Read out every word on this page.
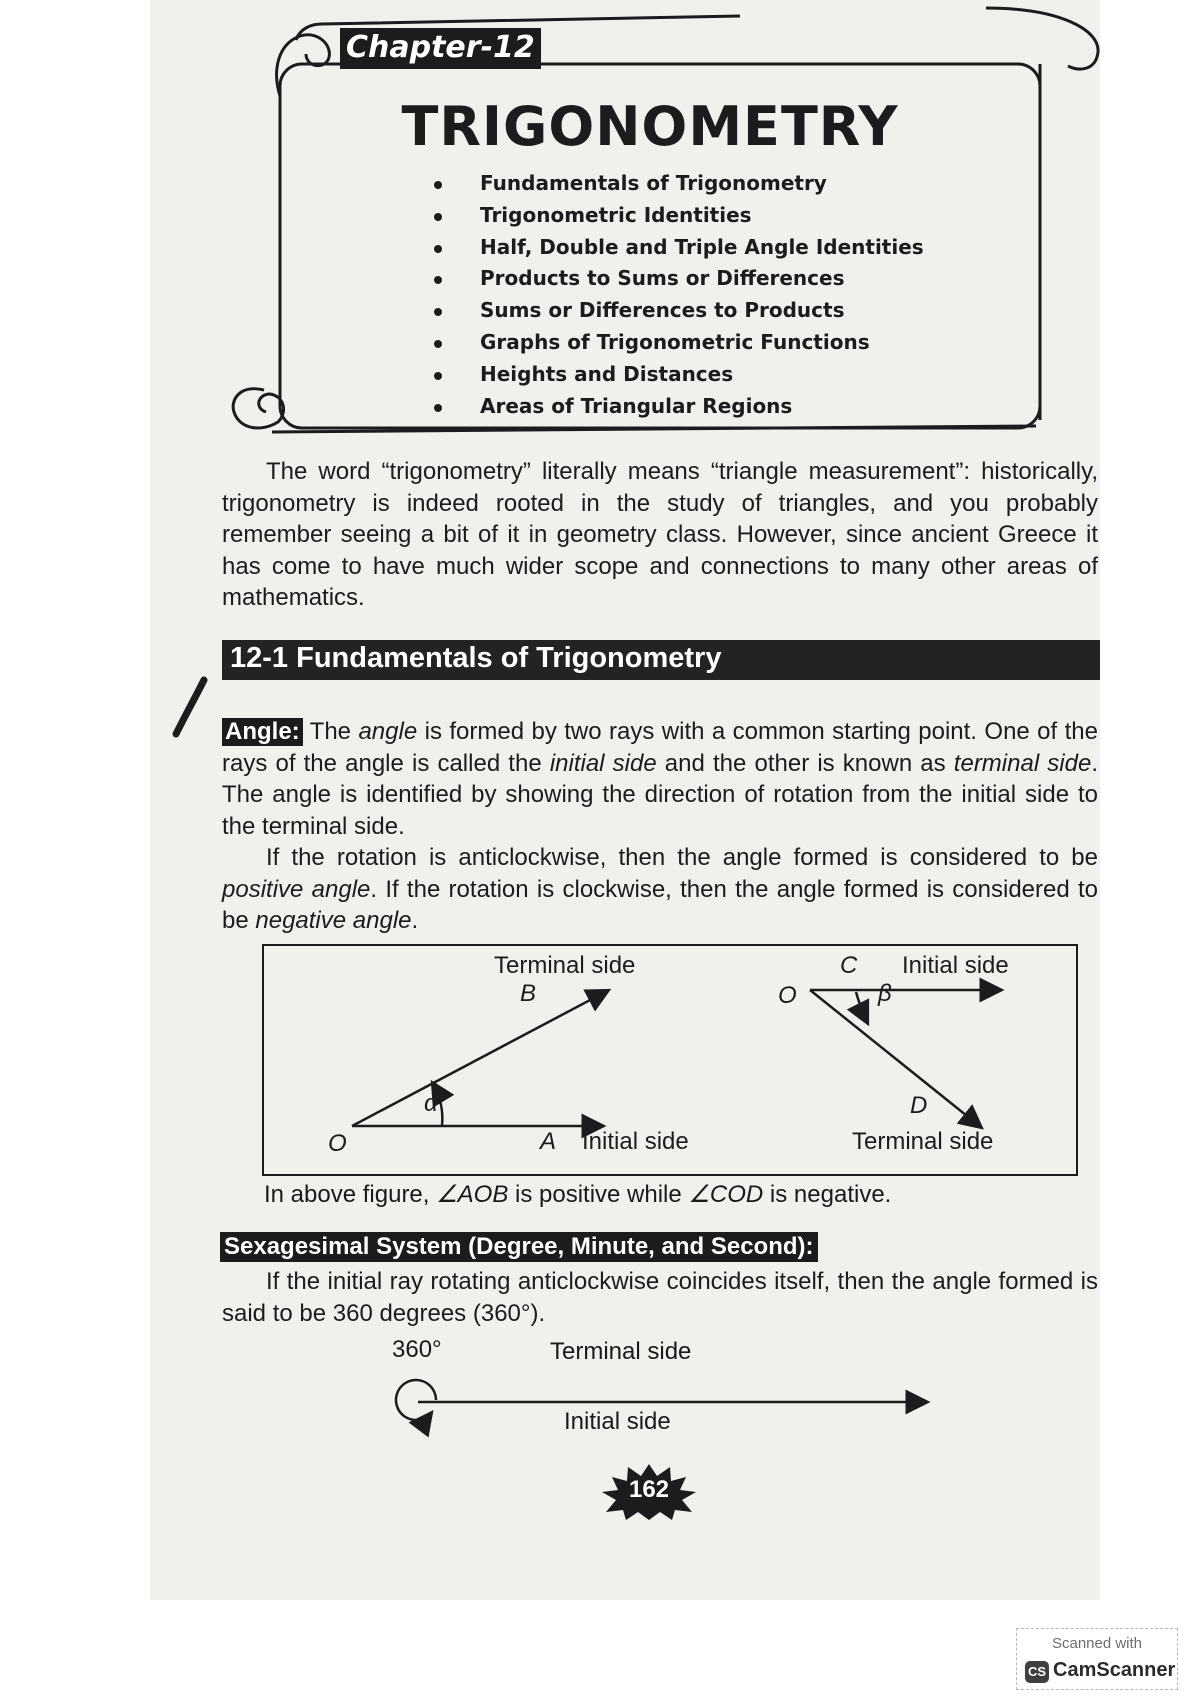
Chapter-12
TRIGONOMETRY
Fundamentals of Trigonometry
Trigonometric Identities
Half, Double and Triple Angle Identities
Products to Sums or Differences
Sums or Differences to Products
Graphs of Trigonometric Functions
Heights and Distances
Areas of Triangular Regions

The word “trigonometry” literally means “triangle measurement”: historically, trigonometry is indeed rooted in the study of triangles, and you probably remember seeing a bit of it in geometry class. However, since ancient Greece it has come to have much wider scope and connections to many other areas of mathematics.

12-1 Fundamentals of Trigonometry

Angle: The angle is formed by two rays with a common starting point. One of the rays of the angle is called the initial side and the other is known as terminal side. The angle is identified by showing the direction of rotation from the initial side to the terminal side.

If the rotation is anticlockwise, then the angle formed is considered to be positive angle. If the rotation is clockwise, then the angle formed is considered to be negative angle.

Terminal side
B
α
O	A Initial side
O
C Initial side
β
D
Terminal side
In above figure, ∠AOB is positive while ∠COD is negative.
Sexagesimal System (Degree, Minute, and Second):

If the initial ray rotating anticlockwise coincides itself, then the angle formed is said to be 360 degrees (360°).

360°	Terminal side
Initial side
162
Scanned with
CS CamScanner
